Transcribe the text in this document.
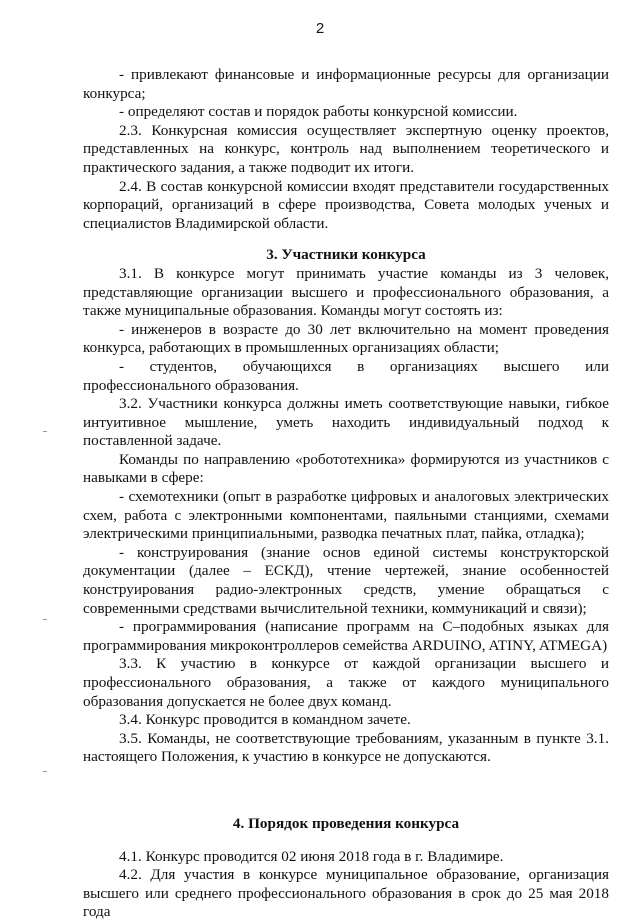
2

- привлекают финансовые и информационные ресурсы для организации конкурса;

- определяют состав и порядок работы конкурсной комиссии.

2.3. Конкурсная комиссия осуществляет экспертную оценку проектов, представленных на конкурс, контроль над выполнением теоретического и практического задания, а также подводит их итоги.

2.4. В состав конкурсной комиссии входят представители государственных корпораций, организаций в сфере производства, Совета молодых ученых и специалистов Владимирской области.

3. Участники конкурса

3.1. В конкурсе могут принимать участие команды из 3 человек, представляющие организации высшего и профессионального образования, а также муниципальные образования. Команды могут состоять из:

- инженеров в возрасте до 30 лет включительно на момент проведения конкурса, работающих в промышленных организациях области;

- студентов, обучающихся в организациях высшего или профессионального образования.

3.2. Участники конкурса должны иметь соответствующие навыки, гибкое интуитивное мышление, уметь находить индивидуальный подход к поставленной задаче.

Команды по направлению «робототехника» формируются из участников с навыками в сфере:

- схемотехники (опыт в разработке цифровых и аналоговых электрических схем, работа с электронными компонентами, паяльными станциями, схемами электрическими принципиальными, разводка печатных плат, пайка, отладка);

- конструирования (знание основ единой системы конструкторской документации (далее – ЕСКД), чтение чертежей, знание особенностей конструирования радио-электронных средств, умение обращаться с современными средствами вычислительной техники, коммуникаций и связи);

- программирования (написание программ на С–подобных языках для программирования микроконтроллеров семейства ARDUINO, ATINY, ATMEGA)

3.3. К участию в конкурсе от каждой организации высшего и профессионального образования, а также от каждого муниципального образования допускается не более двух команд.

3.4. Конкурс проводится в командном зачете.

3.5. Команды, не соответствующие требованиям, указанным в пункте 3.1. настоящего Положения, к участию в конкурсе не допускаются.

4. Порядок проведения конкурса

4.1. Конкурс проводится 02 июня 2018 года в г. Владимире.

4.2. Для участия в конкурсе муниципальное образование, организация высшего или среднего профессионального образования в срок до 25 мая 2018 года
